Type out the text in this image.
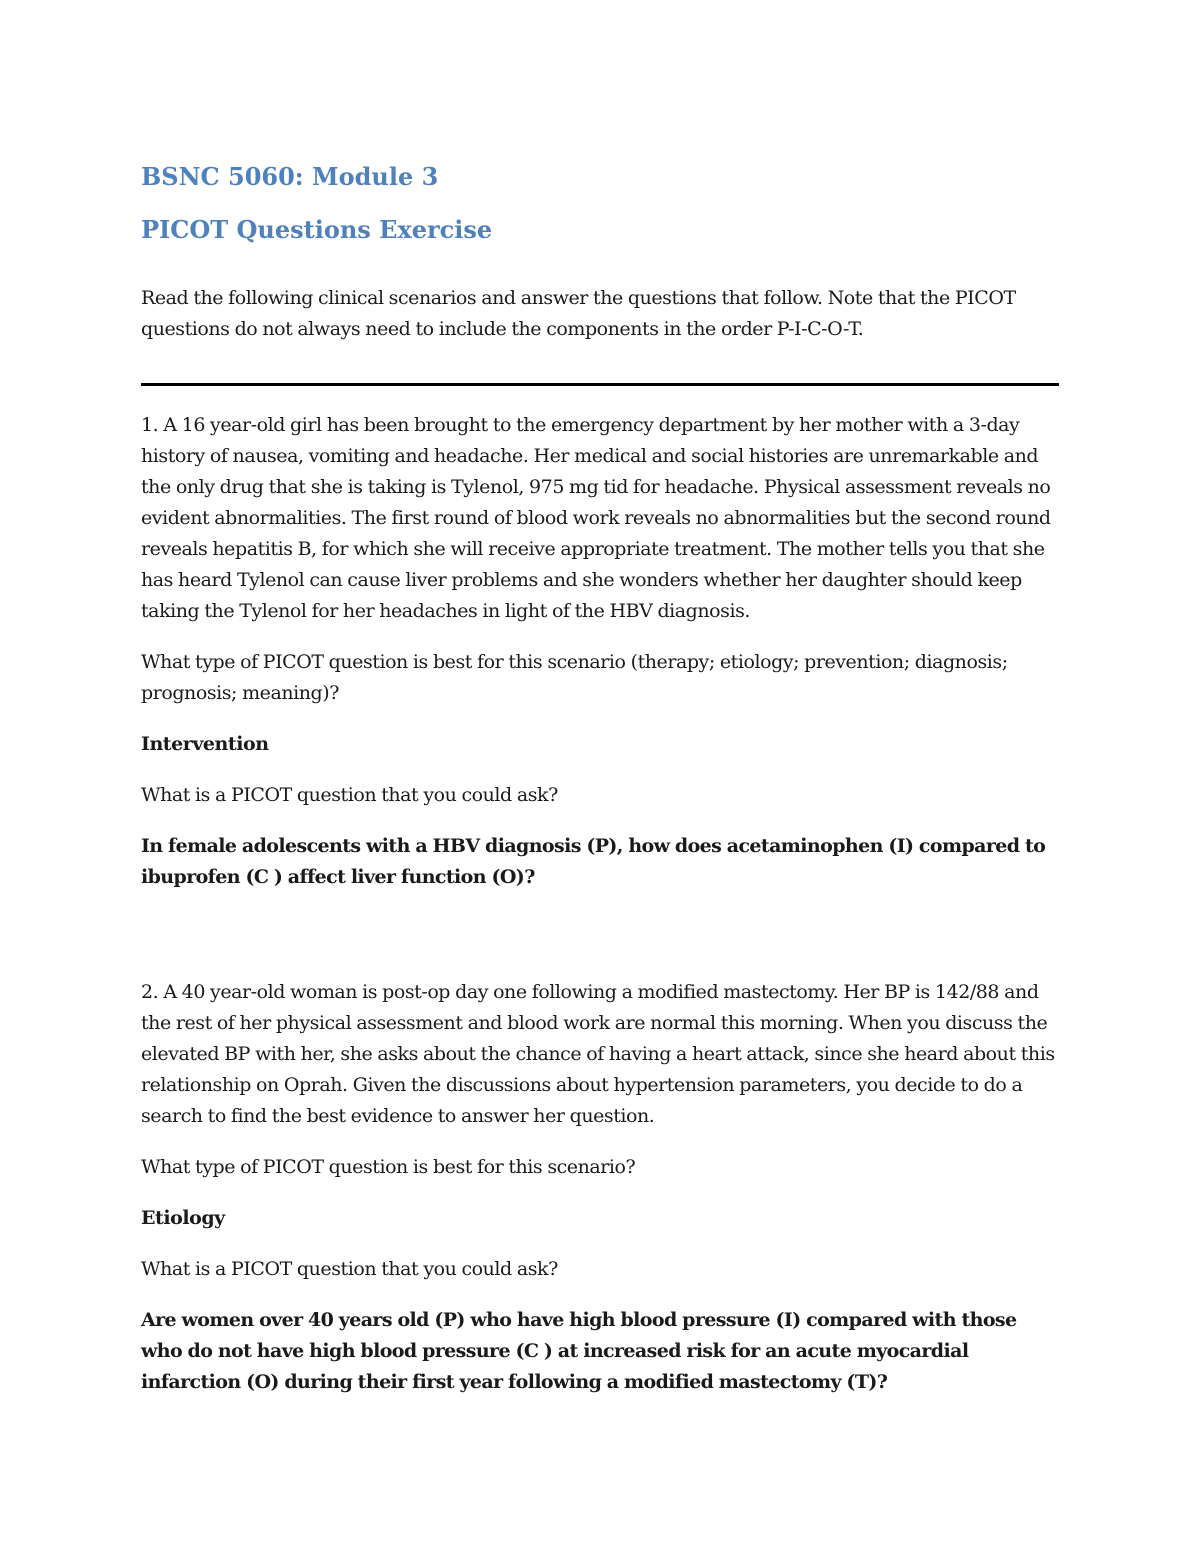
BSNC 5060: Module 3
PICOT Questions Exercise

Read the following clinical scenarios and answer the questions that follow. Note that the PICOT questions do not always need to include the components in the order P-I-C-O-T.

1. A 16 year-old girl has been brought to the emergency department by her mother with a 3-day history of nausea, vomiting and headache. Her medical and social histories are unremarkable and the only drug that she is taking is Tylenol, 975 mg tid for headache. Physical assessment reveals no evident abnormalities. The first round of blood work reveals no abnormalities but the second round reveals hepatitis B, for which she will receive appropriate treatment. The mother tells you that she has heard Tylenol can cause liver problems and she wonders whether her daughter should keep taking the Tylenol for her headaches in light of the HBV diagnosis.

What type of PICOT question is best for this scenario (therapy; etiology; prevention; diagnosis; prognosis; meaning)?

Intervention

What is a PICOT question that you could ask?

In female adolescents with a HBV diagnosis (P), how does acetaminophen (I) compared to ibuprofen (C ) affect liver function (O)?

2. A 40 year-old woman is post-op day one following a modified mastectomy. Her BP is 142/88 and the rest of her physical assessment and blood work are normal this morning. When you discuss the elevated BP with her, she asks about the chance of having a heart attack, since she heard about this relationship on Oprah. Given the discussions about hypertension parameters, you decide to do a search to find the best evidence to answer her question.

What type of PICOT question is best for this scenario?

Etiology

What is a PICOT question that you could ask?

Are women over 40 years old (P) who have high blood pressure (I) compared with those who do not have high blood pressure (C ) at increased risk for an acute myocardial infarction (O) during their first year following a modified mastectomy (T)?
